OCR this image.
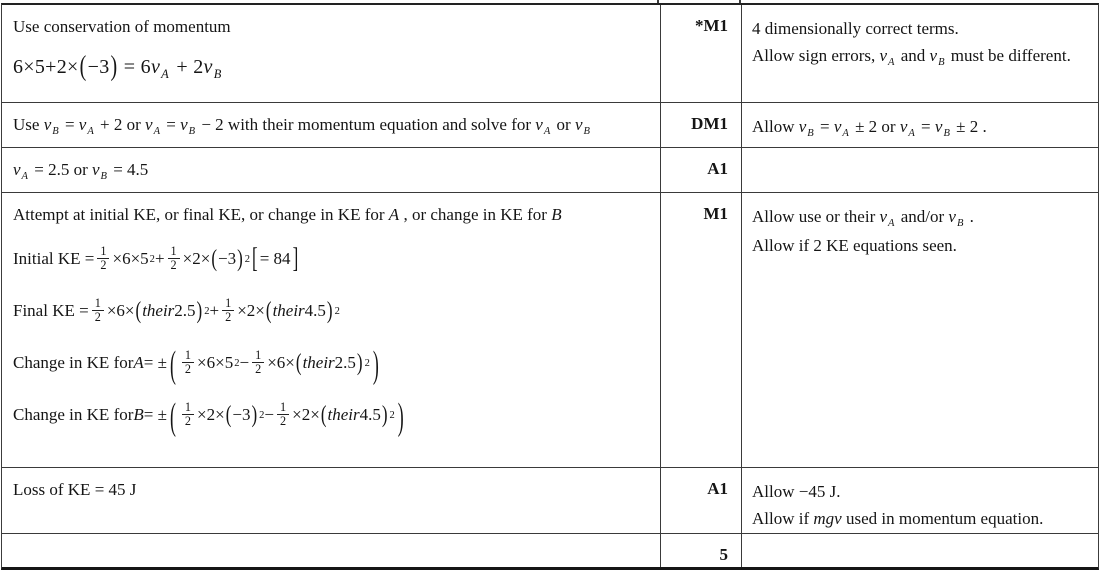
Use conservation of momentum
$6\times 5+2\times(-3) = 6v_A + 2v_B$
*M1	4 dimensionally correct terms.
Allow sign errors, $v_A$ and $v_B$ must be different.
Use $v_B = v_A + 2$ or $v_A = v_B - 2$ with their momentum equation and solve for $v_A$ or $v_B$	DM1	Allow $v_B = v_A \pm 2$ or $v_A = v_B \pm 2$ .
$v_A = 2.5$ or $v_B = 4.5$	A1
Attempt at initial KE, or final KE, or change in KE for A , or change in KE for B
Initial KE = $\frac{1}{2} \times 6\times 5$ $2 + \frac{1}{2} \times 2\times$ ( −3 ) 2 [ = 84 ]
Final KE = $\frac{1}{2} \times 6\times$ ( their 2.5 ) $2 + \frac{1}{2} \times 2\times$ ( their 4.5 ) 2
Change in KE for A = ± ( $\frac{1}{2} \times 6\times 5$ $2 - \frac{1}{2} \times 6\times$ ( their 2.5 ) 2 )
Change in KE for B = ± ( $\frac{1}{2} \times 2\times$ ( −3 ) $2 - \frac{1}{2} \times 2\times$ ( their 4.5 ) 2 )
M1	Allow use or their $v_A$ and/or $v_B$ .
Allow if 2 KE equations seen.
Loss of KE = 45 J	A1	Allow −45 J.
Allow if mgv used in momentum equation.
5
